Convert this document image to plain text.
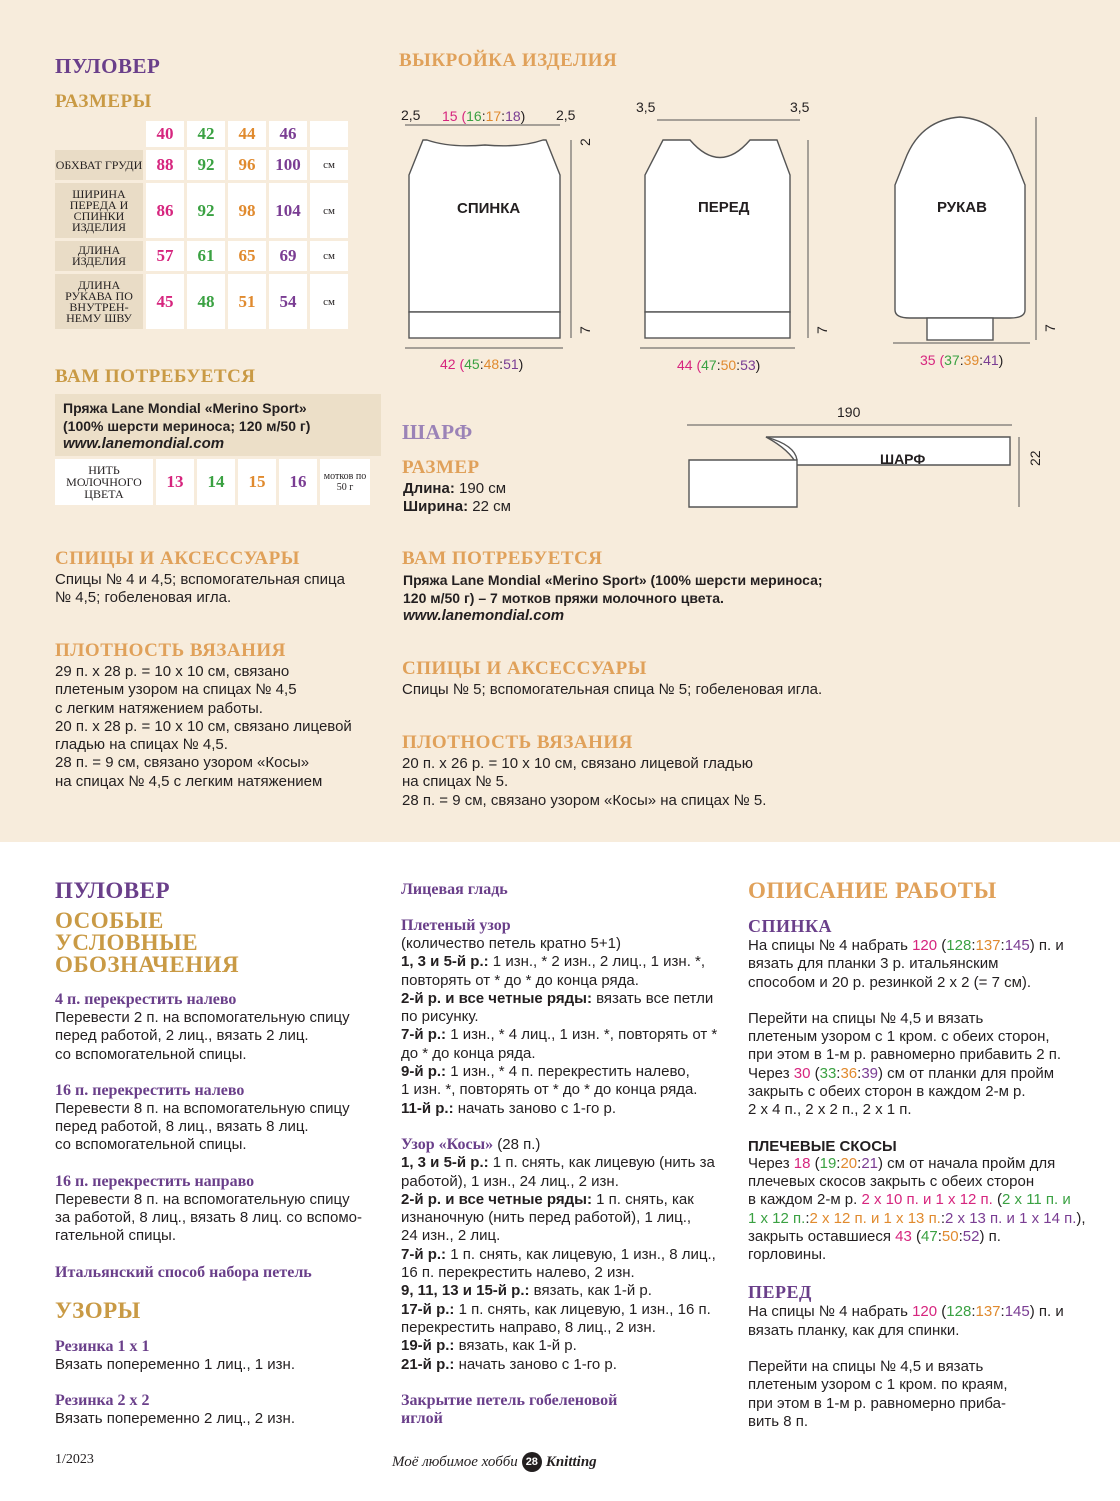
ПУЛОВЕР
РАЗМЕРЫ
	40	42	44	46	
ОБХВАТ ГРУДИ	88	92	96	100	см
ШИРИНА ПЕРЕДА И СПИНКИ ИЗДЕЛИЯ	86	92	98	104	см
ДЛИНА ИЗДЕЛИЯ	57	61	65	69	см
ДЛИНА РУКАВА ПО ВНУТРЕН- НЕМУ ШВУ	45	48	51	54	см
ВАМ ПОТРЕБУЕТСЯ
Пряжа Lane Mondial «Merino Sport»
(100% шерсти мериноса; 120 м/50 г)
www.lanemondial.com
НИТЬ МОЛОЧНОГО ЦВЕТА	13	14	15	16	мотков по 50 г
СПИЦЫ И АКСЕССУАРЫ
Спицы № 4 и 4,5; вспомогательная спица
№ 4,5; гобеленовая игла.
ПЛОТНОСТЬ ВЯЗАНИЯ
29 п. х 28 р. = 10 х 10 см, связано
плетеным узором на спицах № 4,5
с легким натяжением работы.
20 п. х 28 р. = 10 х 10 см, связано лицевой
гладью на спицах № 4,5.
28 п. = 9 см, связано узором «Косы»
на спицах № 4,5 с легким натяжением
ВЫКРОЙКА ИЗДЕЛИЯ
СПИНКА	ПЕРЕД	РУКАВ
ШАРФ
2,5	2,5
190
22
3,5	3,5
2
7	7	7
15 (16:17:18)
42 (45:48:51)	44 (47:50:53)	35 (37:39:41)
ШАРФ
РАЗМЕР
Длина: 190 см
Ширина: 22 см
ВАМ ПОТРЕБУЕТСЯ
Пряжа Lane Mondial «Merino Sport» (100% шерсти мериноса;
120 м/50 г) – 7 мотков пряжи молочного цвета.
www.lanemondial.com
СПИЦЫ И АКСЕССУАРЫ
Спицы № 5; вспомогательная спица № 5; гобеленовая игла.
ПЛОТНОСТЬ ВЯЗАНИЯ
20 п. х 26 р. = 10 х 10 см, связано лицевой гладью
на спицах № 5.
28 п. = 9 см, связано узором «Косы» на спицах № 5.
ПУЛОВЕР
ОСОБЫЕ
УСЛОВНЫЕ
ОБОЗНАЧЕНИЯ
4 п. перекрестить налево
Перевести 2 п. на вспомогательную спицу
перед работой, 2 лиц., вязать 2 лиц.
со вспомогательной спицы.
16 п. перекрестить налево
Перевести 8 п. на вспомогательную спицу
перед работой, 8 лиц., вязать 8 лиц.
со вспомогательной спицы.
16 п. перекрестить направо
Перевести 8 п. на вспомогательную спицу
за работой, 8 лиц., вязать 8 лиц. со вспомо-
гательной спицы.
Итальянский способ набора петель
УЗОРЫ
Резинка 1 х 1
Вязать попеременно 1 лиц., 1 изн.
Резинка 2 х 2
Вязать попеременно 2 лиц., 2 изн.
Лицевая гладь
Плетеный узор
(количество петель кратно 5+1)
1, 3 и 5-й р.: 1 изн., * 2 изн., 2 лиц., 1 изн. *,
повторять от * до * до конца ряда.
2-й р. и все четные ряды: вязать все петли
по рисунку.
7-й р.: 1 изн., * 4 лиц., 1 изн. *, повторять от *
до * до конца ряда.
9-й р.: 1 изн., * 4 п. перекрестить налево,
1 изн. *, повторять от * до * до конца ряда.
11-й р.: начать заново с 1-го р.
Узор «Косы» (28 п.)
1, 3 и 5-й р.: 1 п. снять, как лицевую (нить за
работой), 1 изн., 24 лиц., 2 изн.
2-й р. и все четные ряды: 1 п. снять, как
изнаночную (нить перед работой), 1 лиц.,
24 изн., 2 лиц.
7-й р.: 1 п. снять, как лицевую, 1 изн., 8 лиц.,
16 п. перекрестить налево, 2 изн.
9, 11, 13 и 15-й р.: вязать, как 1-й р.
17-й р.: 1 п. снять, как лицевую, 1 изн., 16 п.
перекрестить направо, 8 лиц., 2 изн.
19-й р.: вязать, как 1-й р.
21-й р.: начать заново с 1-го р.
Закрытие петель гобеленовой
иглой
ОПИСАНИЕ РАБОТЫ
СПИНКА
На спицы № 4 набрать 120 (128:137:145) п. и
вязать для планки 3 р. итальянским
способом и 20 р. резинкой 2 х 2 (= 7 см).
Перейти на спицы № 4,5 и вязать
плетеным узором с 1 кром. с обеих сторон,
при этом в 1-м р. равномерно прибавить 2 п.
Через 30 (33:36:39) см от планки для пройм
закрыть с обеих сторон в каждом 2-м р.
2 х 4 п., 2 х 2 п., 2 х 1 п.
ПЛЕЧЕВЫЕ СКОСЫ
Через 18 (19:20:21) см от начала пройм для
плечевых скосов закрыть с обеих сторон
в каждом 2-м р. 2 х 10 п. и 1 х 12 п. (2 х 11 п. и
1 х 12 п.:2 х 12 п. и 1 х 13 п.:2 х 13 п. и 1 х 14 п.),
закрыть оставшиеся 43 (47:50:52) п.
горловины.
ПЕРЕД
На спицы № 4 набрать 120 (128:137:145) п. и
вязать планку, как для спинки.
Перейти на спицы № 4,5 и вязать
плетеным узором с 1 кром. по краям,
при этом в 1-м р. равномерно приба-
вить 8 п.
1/2023	Моё любимое хобби 28 Knitting
